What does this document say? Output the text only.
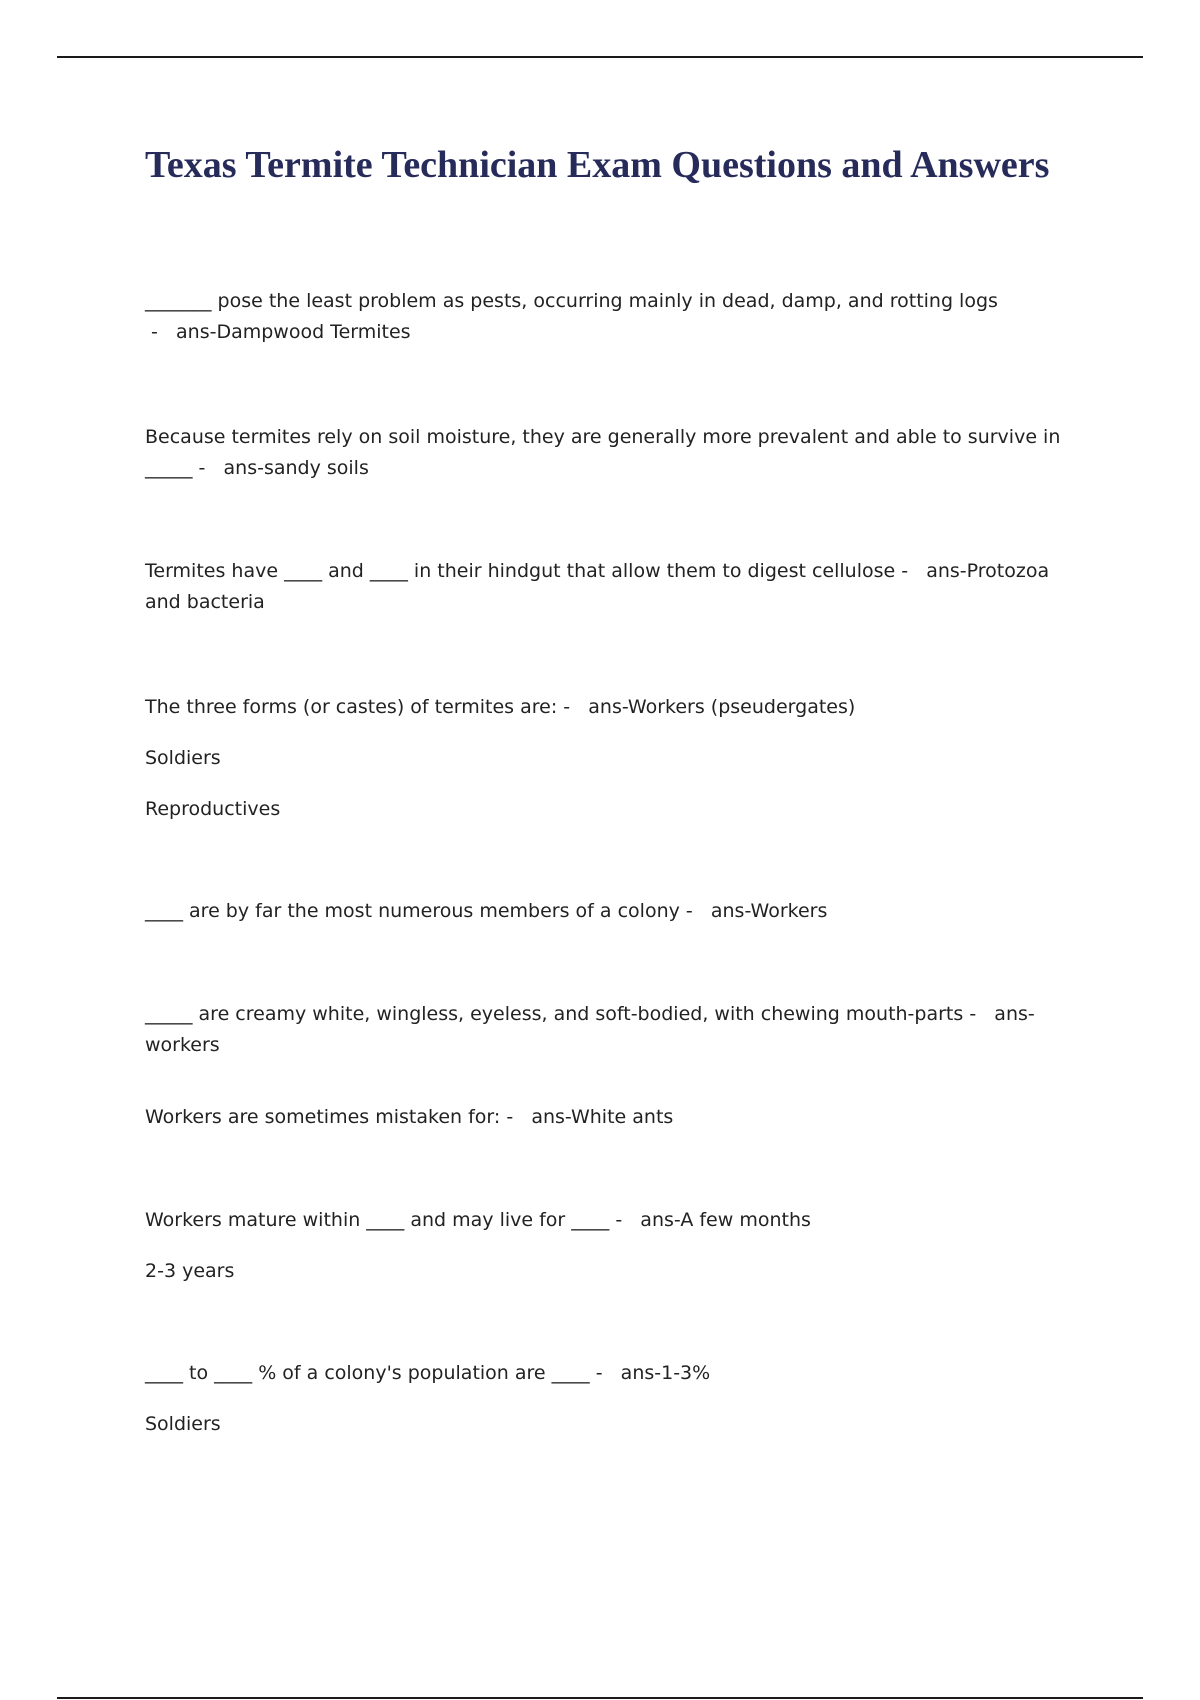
Texas Termite Technician Exam Questions and Answers

_______ pose the least problem as pests, occurring mainly in dead, damp, and rotting logs -   ans-Dampwood Termites

Because termites rely on soil moisture, they are generally more prevalent and able to survive in _____ -   ans-sandy soils

Termites have ____ and ____ in their hindgut that allow them to digest cellulose -   ans-Protozoa and bacteria

The three forms (or castes) of termites are: -   ans-Workers (pseudergates)

Soldiers

Reproductives

____ are by far the most numerous members of a colony -   ans-Workers

_____ are creamy white, wingless, eyeless, and soft-bodied, with chewing mouth-parts -   ans-workers

Workers are sometimes mistaken for: -   ans-White ants

Workers mature within ____ and may live for ____ -   ans-A few months

2-3 years

____ to ____ % of a colony's population are ____ -   ans-1-3%

Soldiers
